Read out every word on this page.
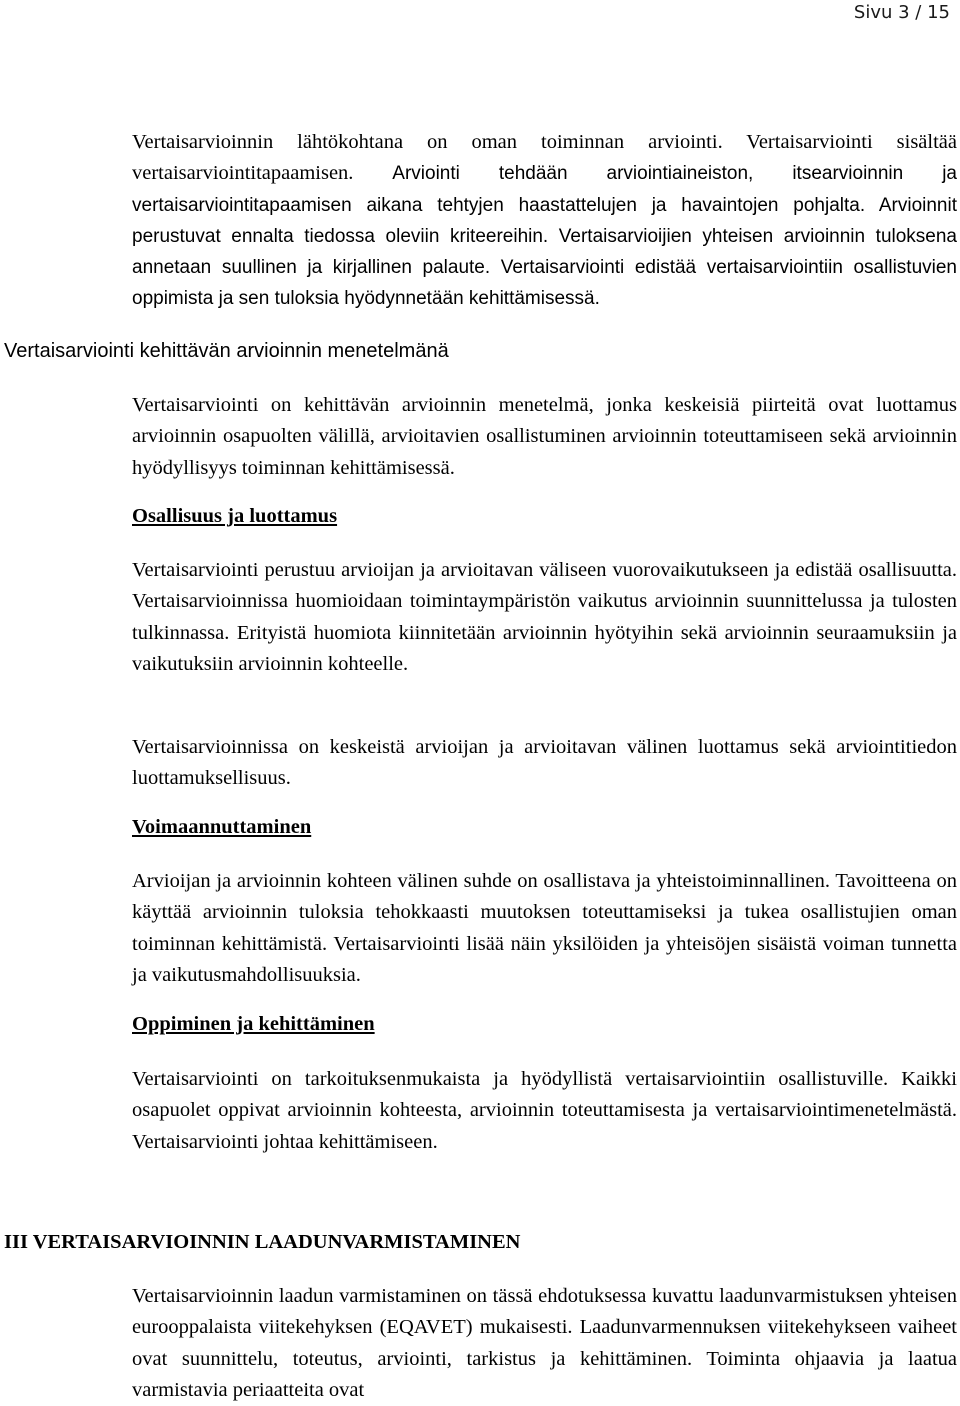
Sivu 3 / 15

Vertaisarvioinnin lähtökohtana on oman toiminnan arviointi. Vertaisarviointi sisältää vertaisarviointitapaamisen. Arviointi tehdään arviointiaineiston, itsearvioinnin ja vertaisarviointitapaamisen aikana tehtyjen haastattelujen ja havaintojen pohjalta. Arvioinnit perustuvat ennalta tiedossa oleviin kriteereihin. Vertaisarvioijien yhteisen arvioinnin tuloksena annetaan suullinen ja kirjallinen palaute. Vertaisarviointi edistää vertaisarviointiin osallistuvien oppimista ja sen tuloksia hyödynnetään kehittämisessä.

Vertaisarviointi kehittävän arvioinnin menetelmänä

Vertaisarviointi on kehittävän arvioinnin menetelmä, jonka keskeisiä piirteitä ovat luottamus arvioinnin osapuolten välillä, arvioitavien osallistuminen arvioinnin toteuttamiseen sekä arvioinnin hyödyllisyys toiminnan kehittämisessä.

Osallisuus ja luottamus

Vertaisarviointi perustuu arvioijan ja arvioitavan väliseen vuorovaikutukseen ja edistää osallisuutta. Vertaisarvioinnissa huomioidaan toimintaympäristön vaikutus arvioinnin suunnittelussa ja tulosten tulkinnassa. Erityistä huomiota kiinnitetään arvioinnin hyötyihin sekä arvioinnin seuraamuksiin ja vaikutuksiin arvioinnin kohteelle.

Vertaisarvioinnissa on keskeistä arvioijan ja arvioitavan välinen luottamus sekä arviointitiedon luottamuksellisuus.

Voimaannuttaminen

Arvioijan ja arvioinnin kohteen välinen suhde on osallistava ja yhteistoiminnallinen. Tavoitteena on käyttää arvioinnin tuloksia tehokkaasti muutoksen toteuttamiseksi ja tukea osallistujien oman toiminnan kehittämistä. Vertaisarviointi lisää näin yksilöiden ja yhteisöjen sisäistä voiman tunnetta ja vaikutusmahdollisuuksia.

Oppiminen ja kehittäminen

Vertaisarviointi on tarkoituksenmukaista ja hyödyllistä vertaisarviointiin osallistuville. Kaikki osapuolet oppivat arvioinnin kohteesta, arvioinnin toteuttamisesta ja vertaisarviointimenetelmästä. Vertaisarviointi johtaa kehittämiseen.

III VERTAISARVIOINNIN LAADUNVARMISTAMINEN

Vertaisarvioinnin laadun varmistaminen on tässä ehdotuksessa kuvattu laadunvarmistuksen yhteisen eurooppalaista viitekehyksen (EQAVET) mukaisesti. Laadunvarmennuksen viitekehykseen vaiheet ovat suunnittelu, toteutus, arviointi, tarkistus ja kehittäminen. Toiminta ohjaavia ja laatua varmistavia periaatteita ovat
